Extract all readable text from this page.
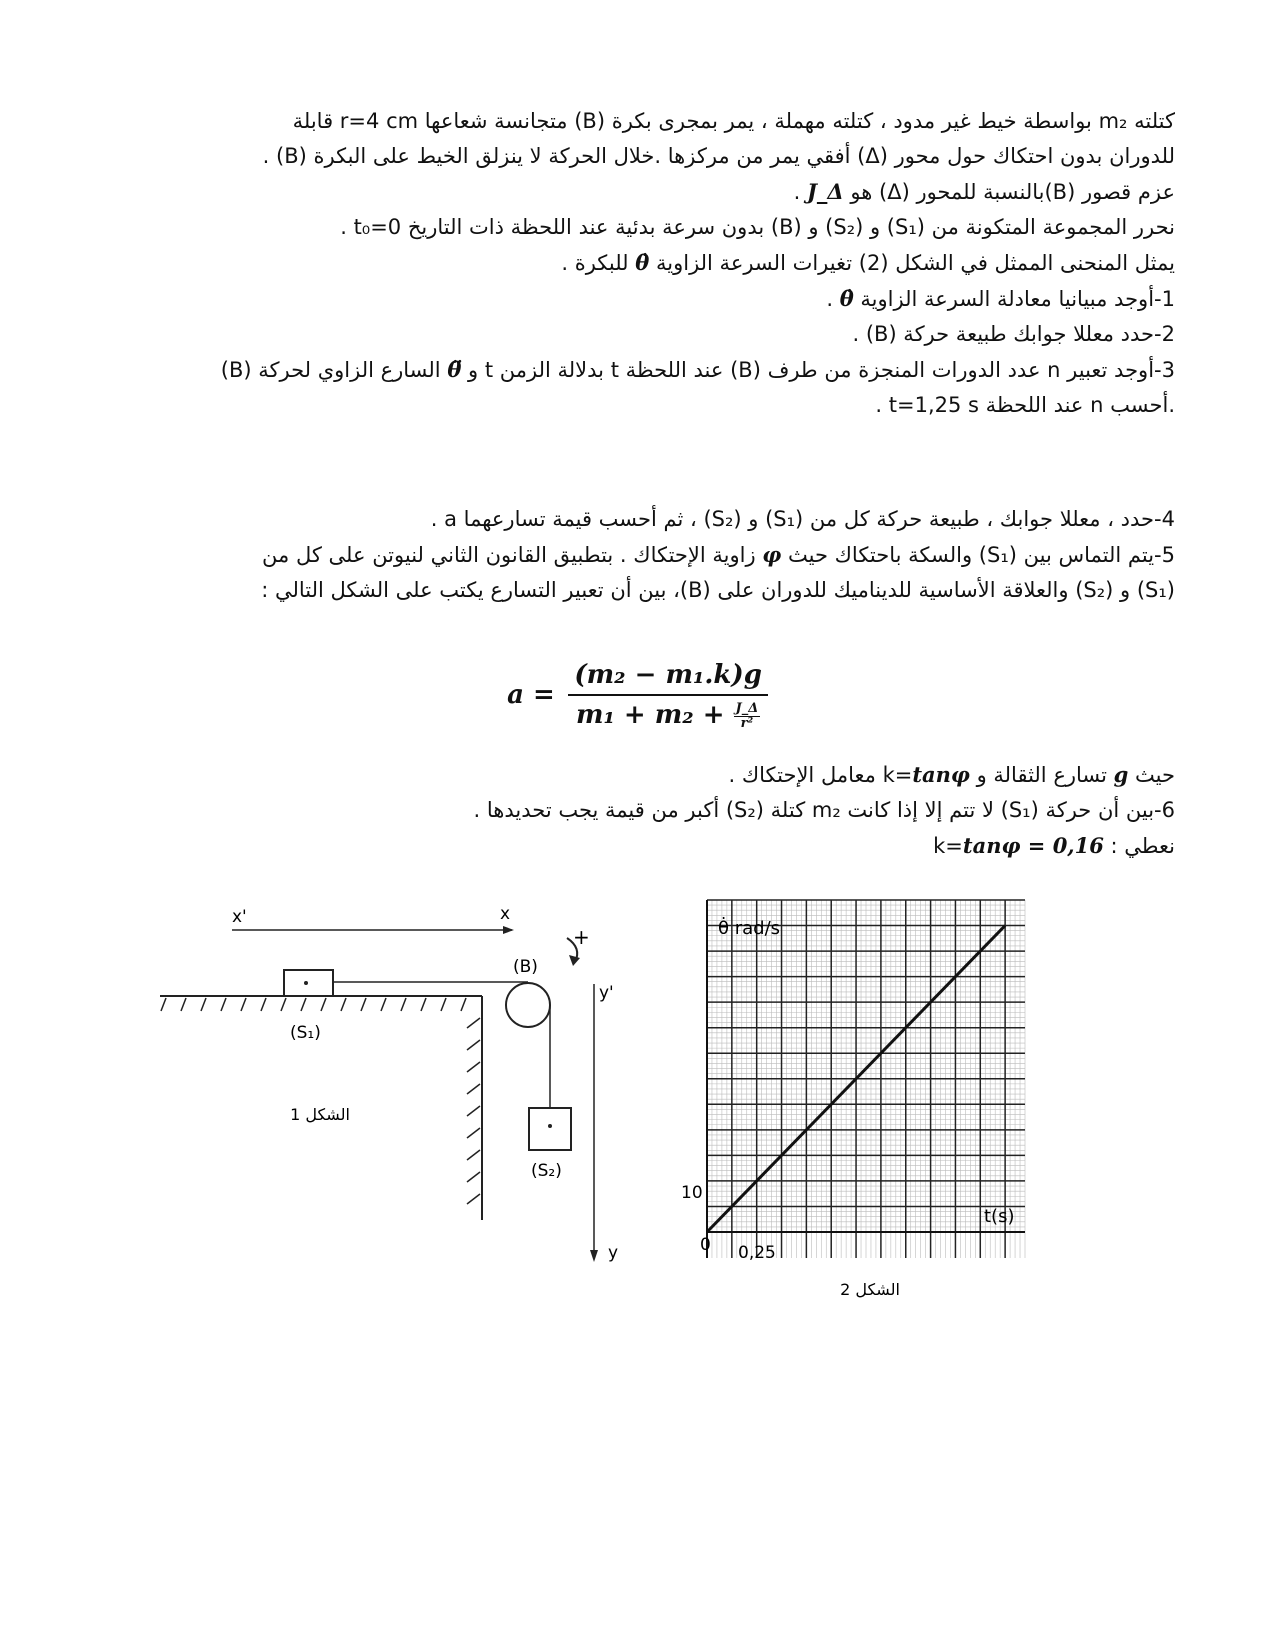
كتلته m₂ بواسطة خيط غير مدود ، كتلته مهملة ، يمر بمجرى بكرة (B) متجانسة شعاعها r=4 cm قابلة

للدوران بدون احتكاك حول محور (Δ) أفقي يمر من مركزها .خلال الحركة لا ينزلق الخيط على البكرة (B) .

عزم قصور (B)بالنسبة للمحور (Δ) هو J_Δ .

نحرر المجموعة المتكونة من (S₁) و (S₂) و (B) بدون سرعة بدئية عند اللحظة ذات التاريخ t₀=0 .

يمثل المنحنى الممثل في الشكل (2) تغيرات السرعة الزاوية θ̇ للبكرة .

1-أوجد مبيانيا معادلة السرعة الزاوية θ̇ .

2-حدد معللا جوابك طبيعة حركة (B) .

3-أوجد تعبير n عدد الدورات المنجزة من طرف (B) عند اللحظة t بدلالة الزمن t و θ̈ السارع الزاوي لحركة (B)

.أحسب n عند اللحظة t=1,25 s .

4-حدد ، معللا جوابك ، طبيعة حركة كل من (S₁) و (S₂) ، ثم أحسب قيمة تسارعهما a .

5-يتم التماس بين (S₁) والسكة باحتكاك حيث φ زاوية الإحتكاك . بتطبيق القانون الثاني لنيوتن على كل من

(S₁) و (S₂) والعلاقة الأساسية للديناميك للدوران على (B)، بين أن تعبير التسارع يكتب على الشكل التالي :

$a = \frac{\text{(m₂ − m₁.k)g}}{m_1 + m_2 + \frac{J\_\Delta}{\text{r²}}}$

حيث g تسارع الثقالة و k=tanφ معامل الإحتكاك .

6-بين أن حركة (S₁) لا تتم إلا إذا كانت m₂ كتلة (S₂) أكبر من قيمة يجب تحديدها .

نعطي : k=tanφ = 0,16

x'	x
+
(S₁)
(B)
(S₂)
y'
y
الشكل 1
θ̇ rad/s
t(s)
10
0 0,25
الشكل 2
